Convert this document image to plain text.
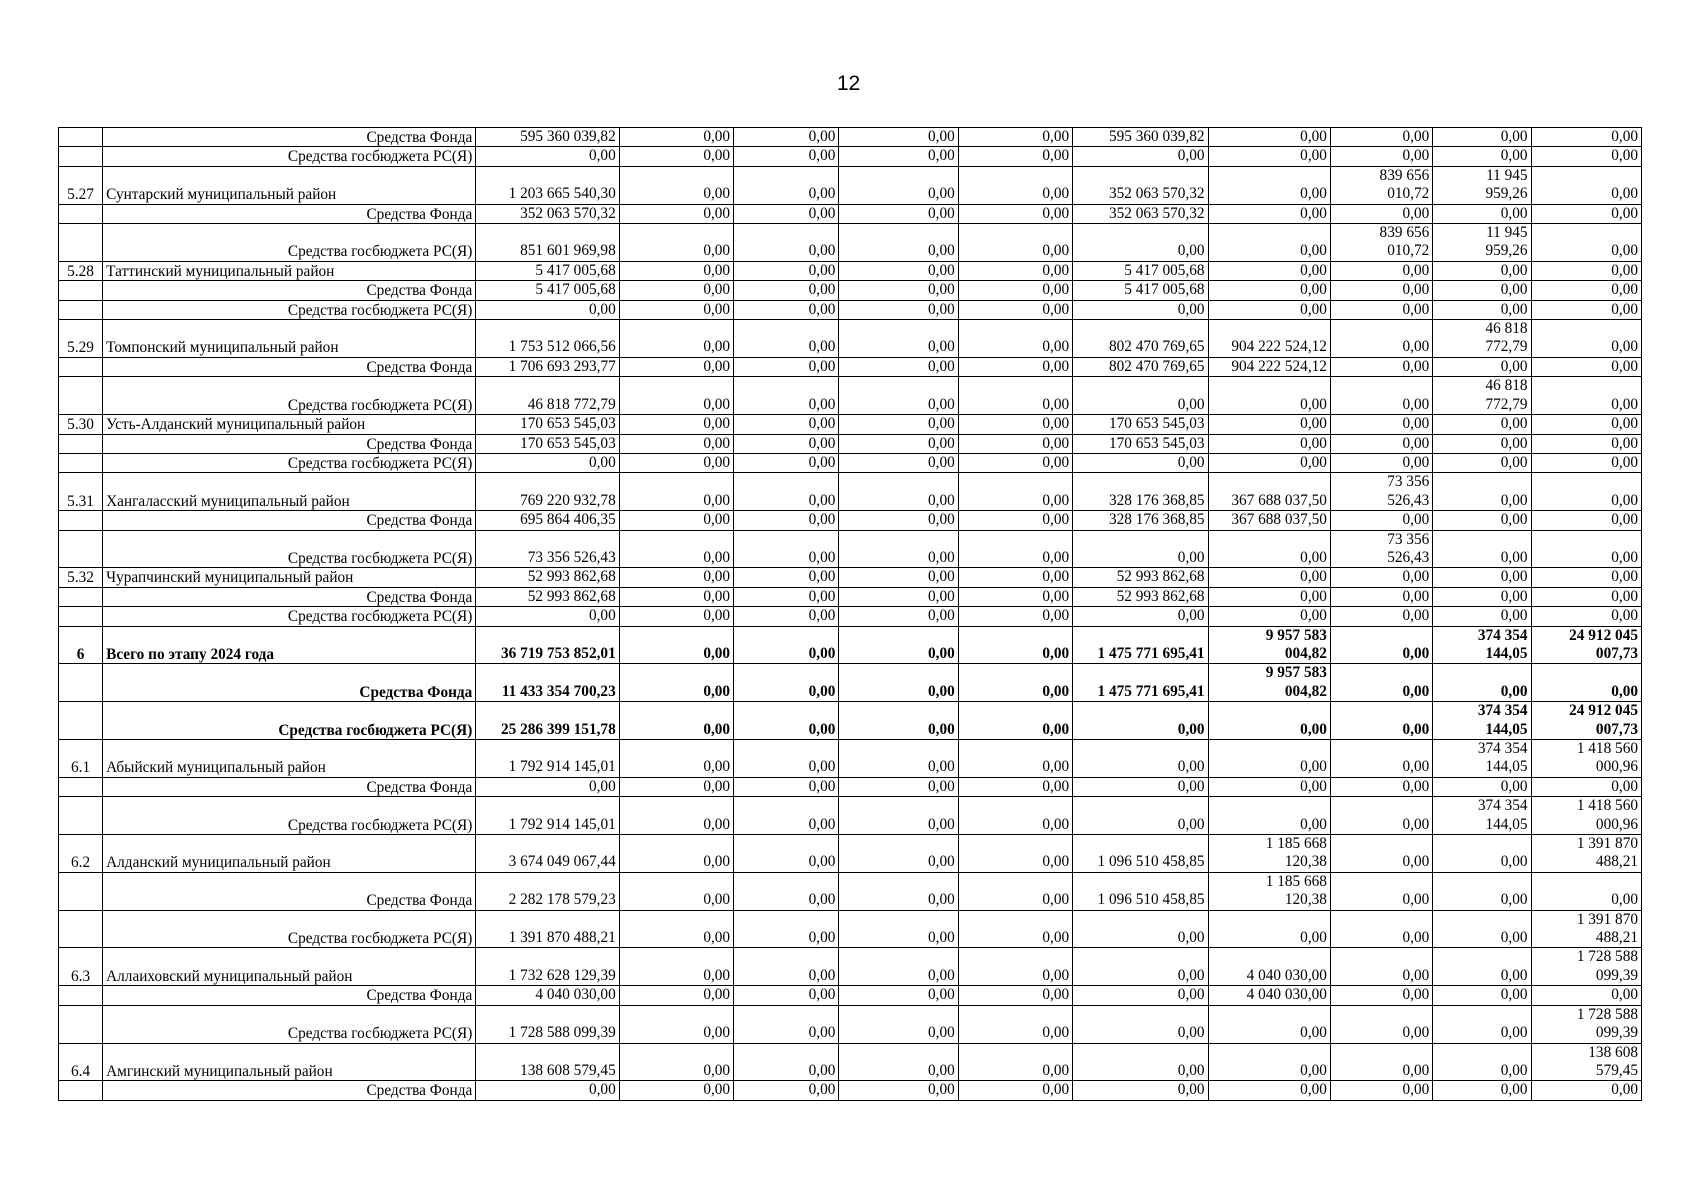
12
	Средства Фонда	595 360 039,82	0,00	0,00	0,00	0,00	595 360 039,82	0,00	0,00	0,00	0,00
	Средства госбюджета РС(Я)	0,00	0,00	0,00	0,00	0,00	0,00	0,00	0,00	0,00	0,00
5.27	Сунтарский муниципальный район	1 203 665 540,30	0,00	0,00	0,00	0,00	352 063 570,32	0,00	839 656
010,72	11 945
959,26	0,00
	Средства Фонда	352 063 570,32	0,00	0,00	0,00	0,00	352 063 570,32	0,00	0,00	0,00	0,00
	Средства госбюджета РС(Я)	851 601 969,98	0,00	0,00	0,00	0,00	0,00	0,00	839 656
010,72	11 945
959,26	0,00
5.28	Таттинский муниципальный район	5 417 005,68	0,00	0,00	0,00	0,00	5 417 005,68	0,00	0,00	0,00	0,00
	Средства Фонда	5 417 005,68	0,00	0,00	0,00	0,00	5 417 005,68	0,00	0,00	0,00	0,00
	Средства госбюджета РС(Я)	0,00	0,00	0,00	0,00	0,00	0,00	0,00	0,00	0,00	0,00
5.29	Томпонский муниципальный район	1 753 512 066,56	0,00	0,00	0,00	0,00	802 470 769,65	904 222 524,12	0,00	46 818
772,79	0,00
	Средства Фонда	1 706 693 293,77	0,00	0,00	0,00	0,00	802 470 769,65	904 222 524,12	0,00	0,00	0,00
	Средства госбюджета РС(Я)	46 818 772,79	0,00	0,00	0,00	0,00	0,00	0,00	0,00	46 818
772,79	0,00
5.30	Усть-Алданский муниципальный район	170 653 545,03	0,00	0,00	0,00	0,00	170 653 545,03	0,00	0,00	0,00	0,00
	Средства Фонда	170 653 545,03	0,00	0,00	0,00	0,00	170 653 545,03	0,00	0,00	0,00	0,00
	Средства госбюджета РС(Я)	0,00	0,00	0,00	0,00	0,00	0,00	0,00	0,00	0,00	0,00
5.31	Хангаласский муниципальный район	769 220 932,78	0,00	0,00	0,00	0,00	328 176 368,85	367 688 037,50	73 356
526,43	0,00	0,00
	Средства Фонда	695 864 406,35	0,00	0,00	0,00	0,00	328 176 368,85	367 688 037,50	0,00	0,00	0,00
	Средства госбюджета РС(Я)	73 356 526,43	0,00	0,00	0,00	0,00	0,00	0,00	73 356
526,43	0,00	0,00
5.32	Чурапчинский муниципальный район	52 993 862,68	0,00	0,00	0,00	0,00	52 993 862,68	0,00	0,00	0,00	0,00
	Средства Фонда	52 993 862,68	0,00	0,00	0,00	0,00	52 993 862,68	0,00	0,00	0,00	0,00
	Средства госбюджета РС(Я)	0,00	0,00	0,00	0,00	0,00	0,00	0,00	0,00	0,00	0,00
6	Всего по этапу 2024 года	36 719 753 852,01	0,00	0,00	0,00	0,00	1 475 771 695,41	9 957 583
004,82	0,00	374 354
144,05	24 912 045
007,73
	Средства Фонда	11 433 354 700,23	0,00	0,00	0,00	0,00	1 475 771 695,41	9 957 583
004,82	0,00	0,00	0,00
	Средства госбюджета РС(Я)	25 286 399 151,78	0,00	0,00	0,00	0,00	0,00	0,00	0,00	374 354
144,05	24 912 045
007,73
6.1	Абыйский муниципальный район	1 792 914 145,01	0,00	0,00	0,00	0,00	0,00	0,00	0,00	374 354
144,05	1 418 560
000,96
	Средства Фонда	0,00	0,00	0,00	0,00	0,00	0,00	0,00	0,00	0,00	0,00
	Средства госбюджета РС(Я)	1 792 914 145,01	0,00	0,00	0,00	0,00	0,00	0,00	0,00	374 354
144,05	1 418 560
000,96
6.2	Алданский муниципальный район	3 674 049 067,44	0,00	0,00	0,00	0,00	1 096 510 458,85	1 185 668
120,38	0,00	0,00	1 391 870
488,21
	Средства Фонда	2 282 178 579,23	0,00	0,00	0,00	0,00	1 096 510 458,85	1 185 668
120,38	0,00	0,00	0,00
	Средства госбюджета РС(Я)	1 391 870 488,21	0,00	0,00	0,00	0,00	0,00	0,00	0,00	0,00	1 391 870
488,21
6.3	Аллаиховский муниципальный район	1 732 628 129,39	0,00	0,00	0,00	0,00	0,00	4 040 030,00	0,00	0,00	1 728 588
099,39
	Средства Фонда	4 040 030,00	0,00	0,00	0,00	0,00	0,00	4 040 030,00	0,00	0,00	0,00
	Средства госбюджета РС(Я)	1 728 588 099,39	0,00	0,00	0,00	0,00	0,00	0,00	0,00	0,00	1 728 588
099,39
6.4	Амгинский муниципальный район	138 608 579,45	0,00	0,00	0,00	0,00	0,00	0,00	0,00	0,00	138 608
579,45
	Средства Фонда	0,00	0,00	0,00	0,00	0,00	0,00	0,00	0,00	0,00	0,00
